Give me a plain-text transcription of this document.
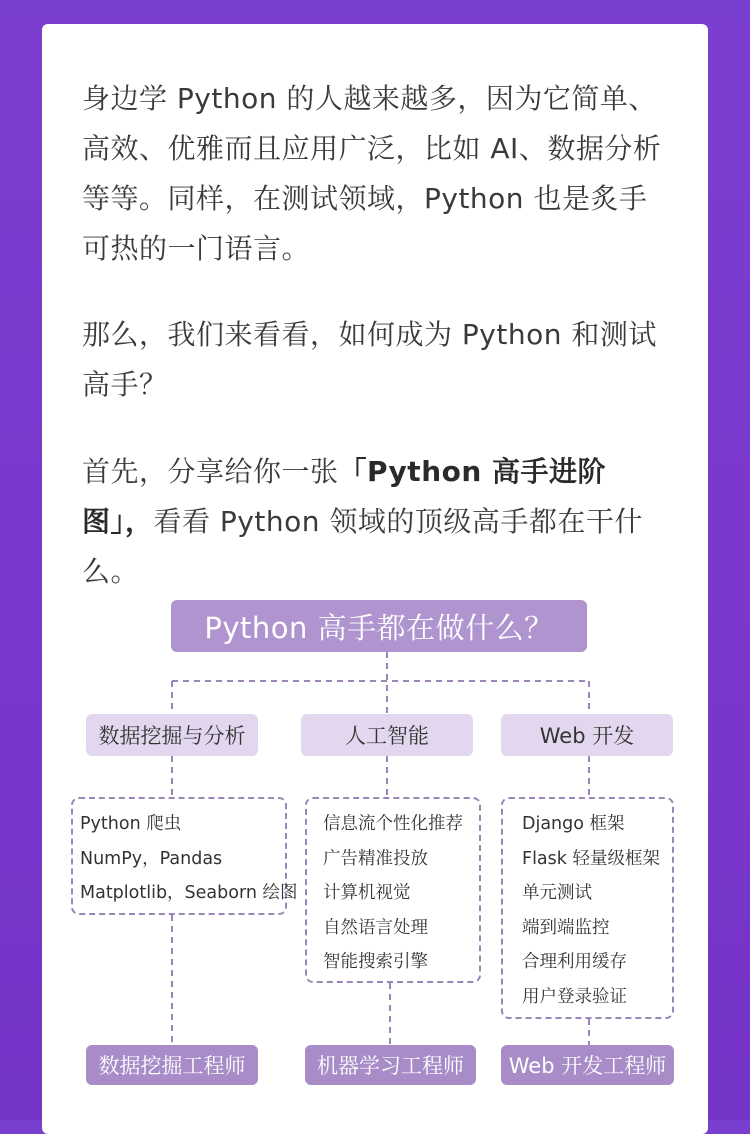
身边学 Python 的人越来越多，因为它简单、高效、优雅而且应用广泛，比如 AI、数据分析等等。同样，在测试领域，Python 也是炙手可热的一门语言。

那么，我们来看看，如何成为 Python 和测试高手？

首先，分享给你一张「Python 高手进阶图」，看看 Python 领域的顶级高手都在干什么。

Python 高手都在做什么？
数据挖掘与分析	人工智能	Web 开发
Python 爬虫
NumPy，Pandas
Matplotlib，Seaborn 绘图
信息流个性化推荐
广告精准投放
计算机视觉
自然语言处理
智能搜索引擎
Django 框架
Flask 轻量级框架
单元测试
端到端监控
合理利用缓存
用户登录验证
数据挖掘工程师	机器学习工程师	Web 开发工程师
